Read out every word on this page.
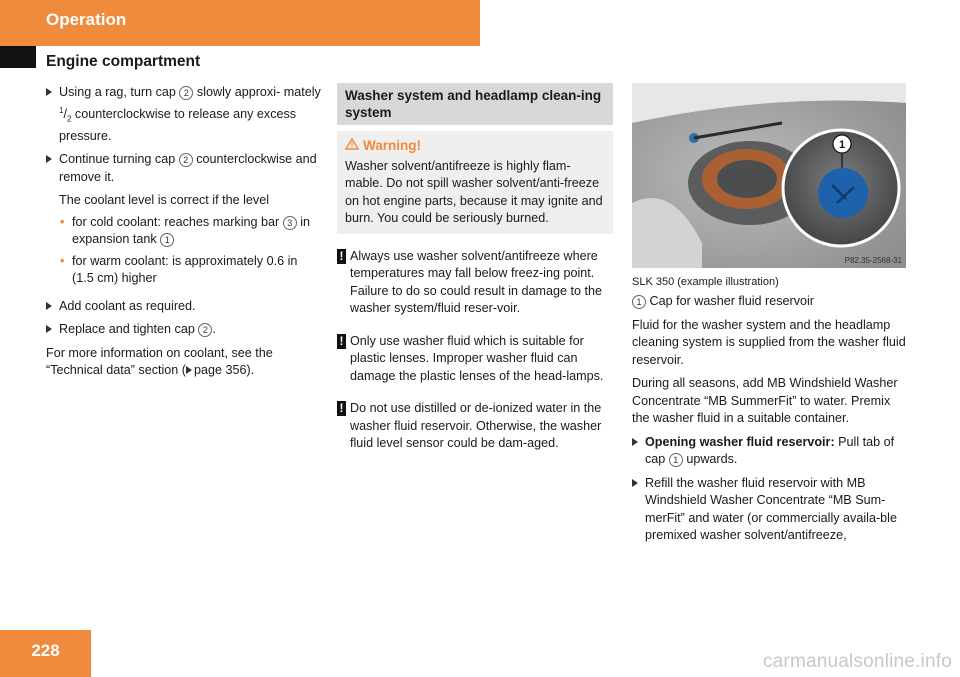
Operation
Engine compartment
Using a rag, turn cap 2 slowly approxi- mately $^1/_2$ counterclockwise to release any excess pressure.
Continue turning cap 2 counterclockwise and remove it.
The coolant level is correct if the level
• for cold coolant: reaches marking bar 3 in expansion tank 1
• for warm coolant: is approximately 0.6 in (1.5 cm) higher
Add coolant as required.
Replace and tighten cap 2 .

For more information on coolant, see the “Technical data” section ( page 356).

Washer system and headlamp clean-ing system
Warning!
Washer solvent/antifreeze is highly flam-mable. Do not spill washer solvent/anti-freeze on hot engine parts, because it may ignite and burn. You could be seriously burned.
! Always use washer solvent/antifreeze where temperatures may fall below freez-ing point. Failure to do so could result in damage to the washer system/fluid reser-voir.
! Only use washer fluid which is suitable for plastic lenses. Improper washer fluid can damage the plastic lenses of the head-lamps.
! Do not use distilled or de-ionized water in the washer fluid reservoir. Otherwise, the washer fluid level sensor could be dam-aged.
1
P82.35-2568-31
SLK 350 (example illustration)

1 Cap for washer fluid reservoir

Fluid for the washer system and the headlamp cleaning system is supplied from the washer fluid reservoir.

During all seasons, add MB Windshield Washer Concentrate “MB SummerFit” to water. Premix the washer fluid in a suitable container.

Opening washer fluid reservoir: Pull tab of cap 1 upwards.
Refill the washer fluid reservoir with MB Windshield Washer Concentrate “MB Sum-merFit” and water (or commercially availa-ble premixed washer solvent/antifreeze,
228
carmanualsonline.info
